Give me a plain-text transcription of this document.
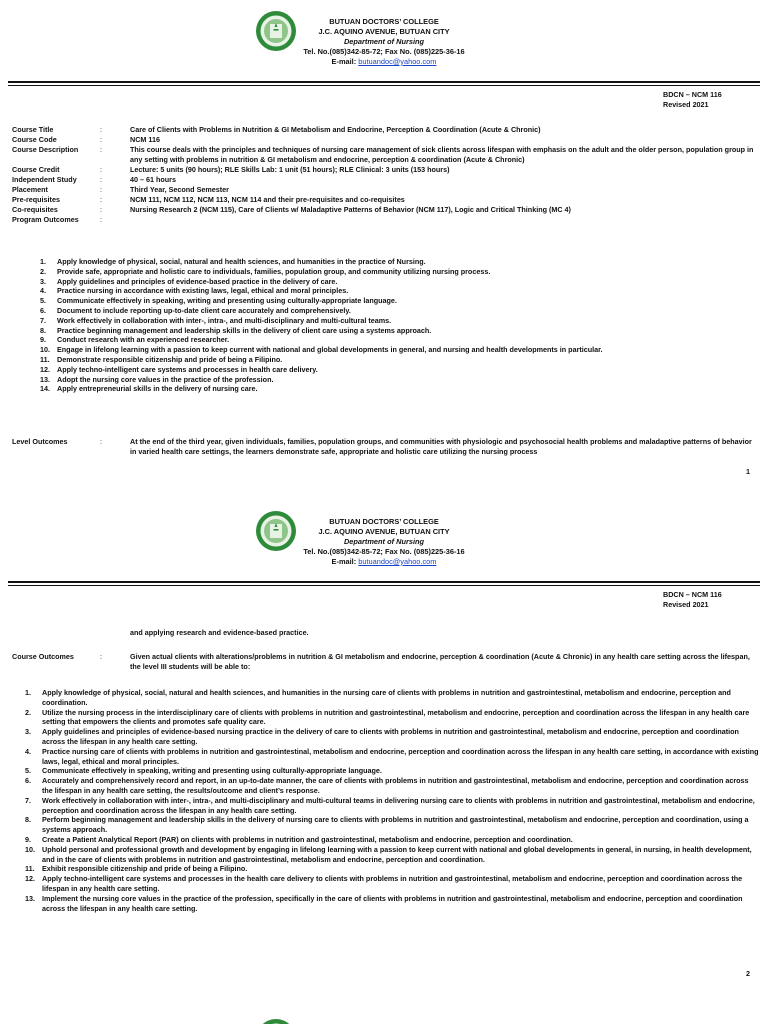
BUTUAN DOCTORS’ COLLEGE
J.C. AQUINO AVENUE, BUTUAN CITY
Department of Nursing
Tel. No.(085)342-85-72; Fax No. (085)225-36-16
E-mail: butuandoc@yahoo.com
BDCN – NCM 116
Revised 2021
Course Title	:	Care of Clients with Problems in Nutrition & GI Metabolism and Endocrine, Perception & Coordination (Acute & Chronic)
Course Code	:	NCM 116
Course Description	:	This course deals with the principles and techniques of nursing care management of sick clients across lifespan with emphasis on the adult and the older person, population group in any setting with problems in nutrition & GI metabolism and endocrine, perception & coordination (Acute & Chronic)
Course Credit	:	Lecture: 5 units (90 hours); RLE Skills Lab: 1 unit (51 hours); RLE Clinical: 3 units (153 hours)
Independent Study	:	40 – 61 hours
Placement	:	Third Year, Second Semester
Pre-requisites	:	NCM 111, NCM 112, NCM 113, NCM 114 and their pre-requisites and co-requisites
Co-requisites	:	Nursing Research 2 (NCM 115), Care of Clients w/ Maladaptive Patterns of Behavior (NCM 117), Logic and Critical Thinking (MC 4)
Program Outcomes	:

1. Apply knowledge of physical, social, natural and health sciences, and humanities in the practice of Nursing.
2. Provide safe, appropriate and holistic care to individuals, families, population group, and community utilizing nursing process.
3. Apply guidelines and principles of evidence-based practice in the delivery of care.
4. Practice nursing in accordance with existing laws, legal, ethical and moral principles.
5. Communicate effectively in speaking, writing and presenting using culturally-appropriate language.
6. Document to include reporting up-to-date client care accurately and comprehensively.
7. Work effectively in collaboration with inter-, intra-, and multi-disciplinary and multi-cultural teams.
8. Practice beginning management and leadership skills in the delivery of client care using a systems approach.
9. Conduct research with an experienced researcher.
10. Engage in lifelong learning with a passion to keep current with national and global developments in general, and nursing and health developments in particular.
11. Demonstrate responsible citizenship and pride of being a Filipino.
12. Apply techno-intelligent care systems and processes in health care delivery.
13. Adopt the nursing core values in the practice of the profession.
14. Apply entrepreneurial skills in the delivery of nursing care.
Level Outcomes	:	At the end of the third year, given individuals, families, population groups, and communities with physiologic and psychosocial health problems and maladaptive patterns of behavior in varied health care settings, the learners demonstrate safe, appropriate and holistic care utilizing the nursing process
1
BUTUAN DOCTORS’ COLLEGE
J.C. AQUINO AVENUE, BUTUAN CITY
Department of Nursing
Tel. No.(085)342-85-72; Fax No. (085)225-36-16
E-mail: butuandoc@yahoo.com
BDCN – NCM 116
Revised 2021
and applying research and evidence-based practice.
Course Outcomes	:	Given actual clients with alterations/problems in nutrition & GI metabolism and endocrine, perception & coordination (Acute & Chronic) in any health care setting across the lifespan, the level III students will be able to:
1. Apply knowledge of physical, social, natural and health sciences, and humanities in the nursing care of clients with problems in nutrition and gastrointestinal, metabolism and endocrine, perception and coordination.
2. Utilize the nursing process in the interdisciplinary care of clients with problems in nutrition and gastrointestinal, metabolism and endocrine, perception and coordination across the lifespan in any health care setting that empowers the clients and promotes safe quality care.
3. Apply guidelines and principles of evidence-based nursing practice in the delivery of care to clients with problems in nutrition and gastrointestinal, metabolism and endocrine, perception and coordination across the lifespan in any health care setting.
4. Practice nursing care of clients with problems in nutrition and gastrointestinal, metabolism and endocrine, perception and coordination across the lifespan in any health care setting, in accordance with existing laws, legal, ethical and moral principles.
5. Communicate effectively in speaking, writing and presenting using culturally-appropriate language.
6. Accurately and comprehensively record and report, in an up-to-date manner, the care of clients with problems in nutrition and gastrointestinal, metabolism and endocrine, perception and coordination across the lifespan in any health care setting, the results/outcome and client’s response.
7. Work effectively in collaboration with inter-, intra-, and multi-disciplinary and multi-cultural teams in delivering nursing care to clients with problems in nutrition and gastrointestinal, metabolism and endocrine, perception and coordination across the lifespan in any health care setting.
8. Perform beginning management and leadership skills in the delivery of nursing care to clients with problems in nutrition and gastrointestinal, metabolism and endocrine, perception and coordination, using a systems approach.
9. Create a Patient Analytical Report (PAR) on clients with problems in nutrition and gastrointestinal, metabolism and endocrine, perception and coordination.
10. Uphold personal and professional growth and development by engaging in lifelong learning with a passion to keep current with national and global developments in general, in nursing, in health development, and in the care of clients with problems in nutrition and gastrointestinal, metabolism and endocrine, perception and coordination.
11. Exhibit responsible citizenship and pride of being a Filipino.
12. Apply techno-intelligent care systems and processes in the health care delivery to clients with problems in nutrition and gastrointestinal, metabolism and endocrine, perception and coordination across the lifespan in any health care setting.
13. Implement the nursing core values in the practice of the profession, specifically in the care of clients with problems in nutrition and gastrointestinal, metabolism and endocrine, perception and coordination across the lifespan in any health care setting.
2
